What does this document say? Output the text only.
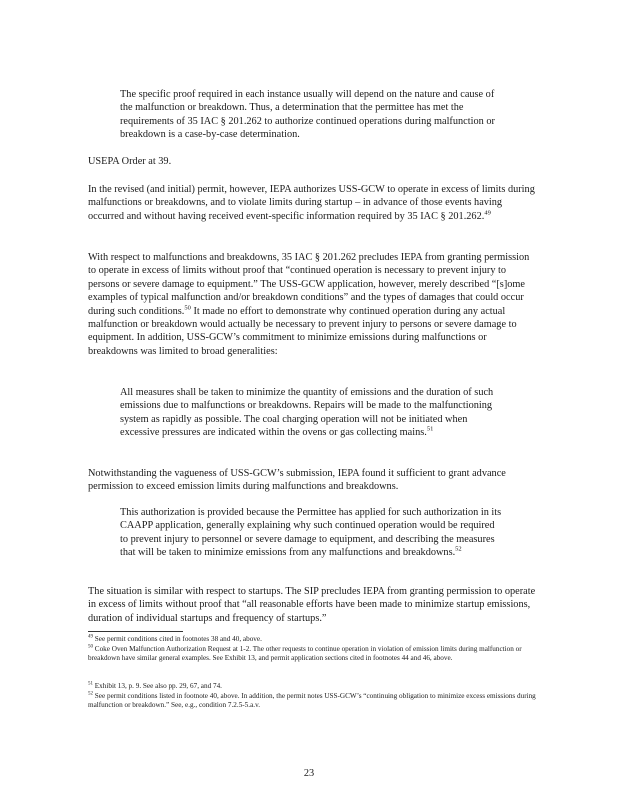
The specific proof required in each instance usually will depend on the nature and cause of the malfunction or breakdown. Thus, a determination that the permittee has met the requirements of 35 IAC § 201.262 to authorize continued operations during malfunction or breakdown is a case-by-case determination.
USEPA Order at 39.
In the revised (and initial) permit, however, IEPA authorizes USS-GCW to operate in excess of limits during malfunctions or breakdowns, and to violate limits during startup – in advance of those events having occurred and without having received event-specific information required by 35 IAC § 201.262.49
With respect to malfunctions and breakdowns, 35 IAC § 201.262 precludes IEPA from granting permission to operate in excess of limits without proof that “continued operation is necessary to prevent injury to persons or severe damage to equipment.” The USS-GCW application, however, merely described “[s]ome examples of typical malfunction and/or breakdown conditions” and the types of damages that could occur during such conditions.$^{50}$ It made no effort to demonstrate why continued operation during any actual malfunction or breakdown would actually be necessary to prevent injury to persons or severe damage to equipment. In addition, USS-GCW’s commitment to minimize emissions during malfunctions or breakdowns was limited to broad generalities:
All measures shall be taken to minimize the quantity of emissions and the duration of such emissions due to malfunctions or breakdowns. Repairs will be made to the malfunctioning system as rapidly as possible. The coal charging operation will not be initiated when excessive pressures are indicated within the ovens or gas collecting mains.$^{51}$
Notwithstanding the vagueness of USS-GCW’s submission, IEPA found it sufficient to grant advance permission to exceed emission limits during malfunctions and breakdowns.
This authorization is provided because the Permittee has applied for such authorization in its CAAPP application, generally explaining why such continued operation would be required to prevent injury to personnel or severe damage to equipment, and describing the measures that will be taken to minimize emissions from any malfunctions and breakdowns.$^{52}$
The situation is similar with respect to startups. The SIP precludes IEPA from granting permission to operate in excess of limits without proof that “all reasonable efforts have been made to minimize startup emissions, duration of individual startups and frequency of startups.”
$^{49}$ See permit conditions cited in footnotes 38 and 40, above.
$^{50}$ Coke Oven Malfunction Authorization Request at 1-2. The other requests to continue operation in violation of emission limits during malfunction or breakdown have similar general examples. See Exhibit 13, and permit application sections cited in footnotes 44 and 46, above.
$^{51}$ Exhibit 13, p. 9. See also pp. 29, 67, and 74.
$^{52}$ See permit conditions listed in footnote 40, above. In addition, the permit notes USS-GCW’s “continuing obligation to minimize excess emissions during malfunction or breakdown.” See, e.g., condition 7.2.5-5.a.v.
23
